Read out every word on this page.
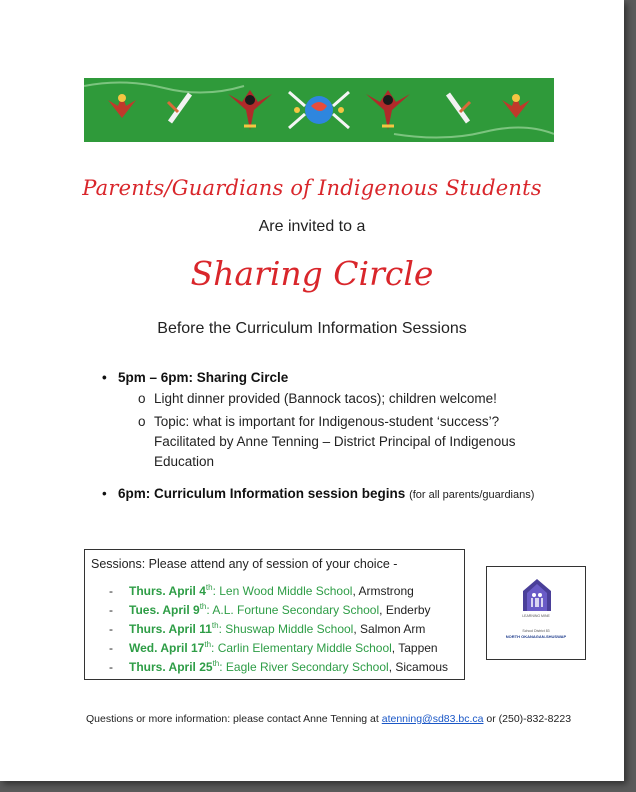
Parents/Guardians of Indigenous Students
Are invited to a
Sharing Circle
Before the Curriculum Information Sessions
• 5pm – 6pm: Sharing Circle
o Light dinner provided (Bannock tacos); children welcome!
o Topic: what is important for Indigenous-student ‘success’?
Facilitated by Anne Tenning – District Principal of Indigenous
Education
• 6pm: Curriculum Information session begins (for all parents/guardians)
Sessions: Please attend any of session of your choice -
- Thurs. April 4th: Len Wood Middle School, Armstrong
- Tues. April 9th: A.L. Fortune Secondary School, Enderby
- Thurs. April 11th: Shuswap Middle School, Salmon Arm
- Wed. April 17th: Carlin Elementary Middle School, Tappen
- Thurs. April 25th: Eagle River Secondary School, Sicamous
LEARNING MINE
School District 83
NORTH OKANAGAN-SHUSWAP
Questions or more information: please contact Anne Tenning at atenning@sd83.bc.ca or (250)-832-8223
